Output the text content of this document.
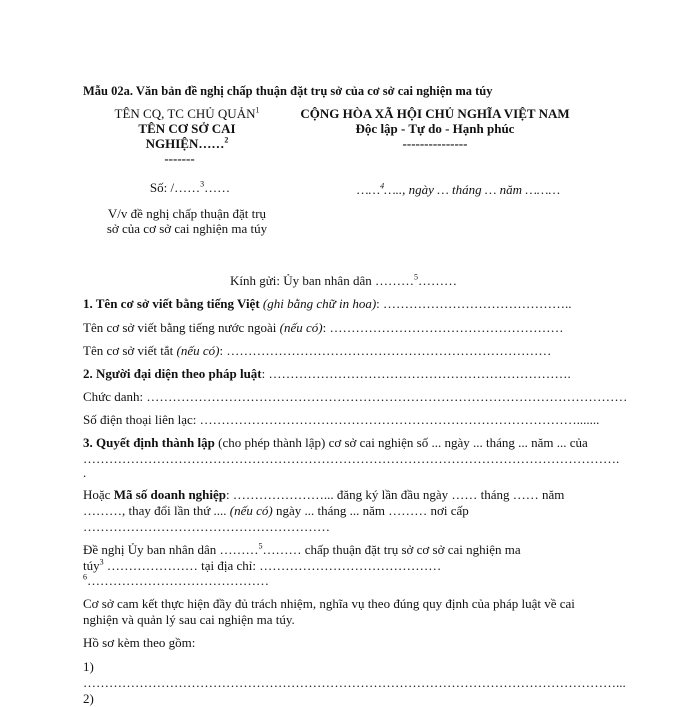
Mẫu 02a. Văn bản đề nghị chấp thuận đặt trụ sở của cơ sở cai nghiện ma túy
TÊN CQ, TC CHỦ QUẢN$^1$
TÊN CƠ SỞ CAI
NGHIỆN……$^2$
-------
Số: /……$^3$……
V/v đề nghị chấp thuận đặt trụ
sở của cơ sở cai nghiện ma túy
CỘNG HÒA XÃ HỘI CHỦ NGHĨA VIỆT NAM
Độc lập - Tự do - Hạnh phúc
---------------
……$^4$….., ngày … tháng … năm ………
Kính gửi: Ủy ban nhân dân ………$^5$………
1. Tên cơ sở viết bằng tiếng Việt (ghi bằng chữ in hoa): ……………………………………..
Tên cơ sở viết bằng tiếng nước ngoài (nếu có): ………………………………………………
Tên cơ sở viết tắt (nếu có): …………………………………………………………………
2. Người đại diện theo pháp luật: …………………………………………………………….
Chức danh: …………………………………………………………………………………………………
Số điện thoại liên lạc: …………………………………………………………………………….......
3. Quyết định thành lập (cho phép thành lập) cơ sở cai nghiện số ... ngày ... tháng ... năm ... của
…………………………………………………………………………………………………………….
.
Hoặc Mã số doanh nghiệp: …………………... đăng ký lần đầu ngày …… tháng …… năm
………, thay đổi lần thứ .... (nếu có) ngày ... tháng ... năm ……… nơi cấp
…………………………………………………
Đề nghị Ủy ban nhân dân ………$^5$……… chấp thuận đặt trụ sở cơ sở cai nghiện ma
túy$^3$ ………………… tại địa chỉ: ……………………………………
$^6$……………………………………
Cơ sở cam kết thực hiện đầy đủ trách nhiệm, nghĩa vụ theo đúng quy định của pháp luật về cai
nghiện và quản lý sau cai nghiện ma túy.
Hồ sơ kèm theo gồm:
1)
……………………………………………………………………………………………………………...
2)
